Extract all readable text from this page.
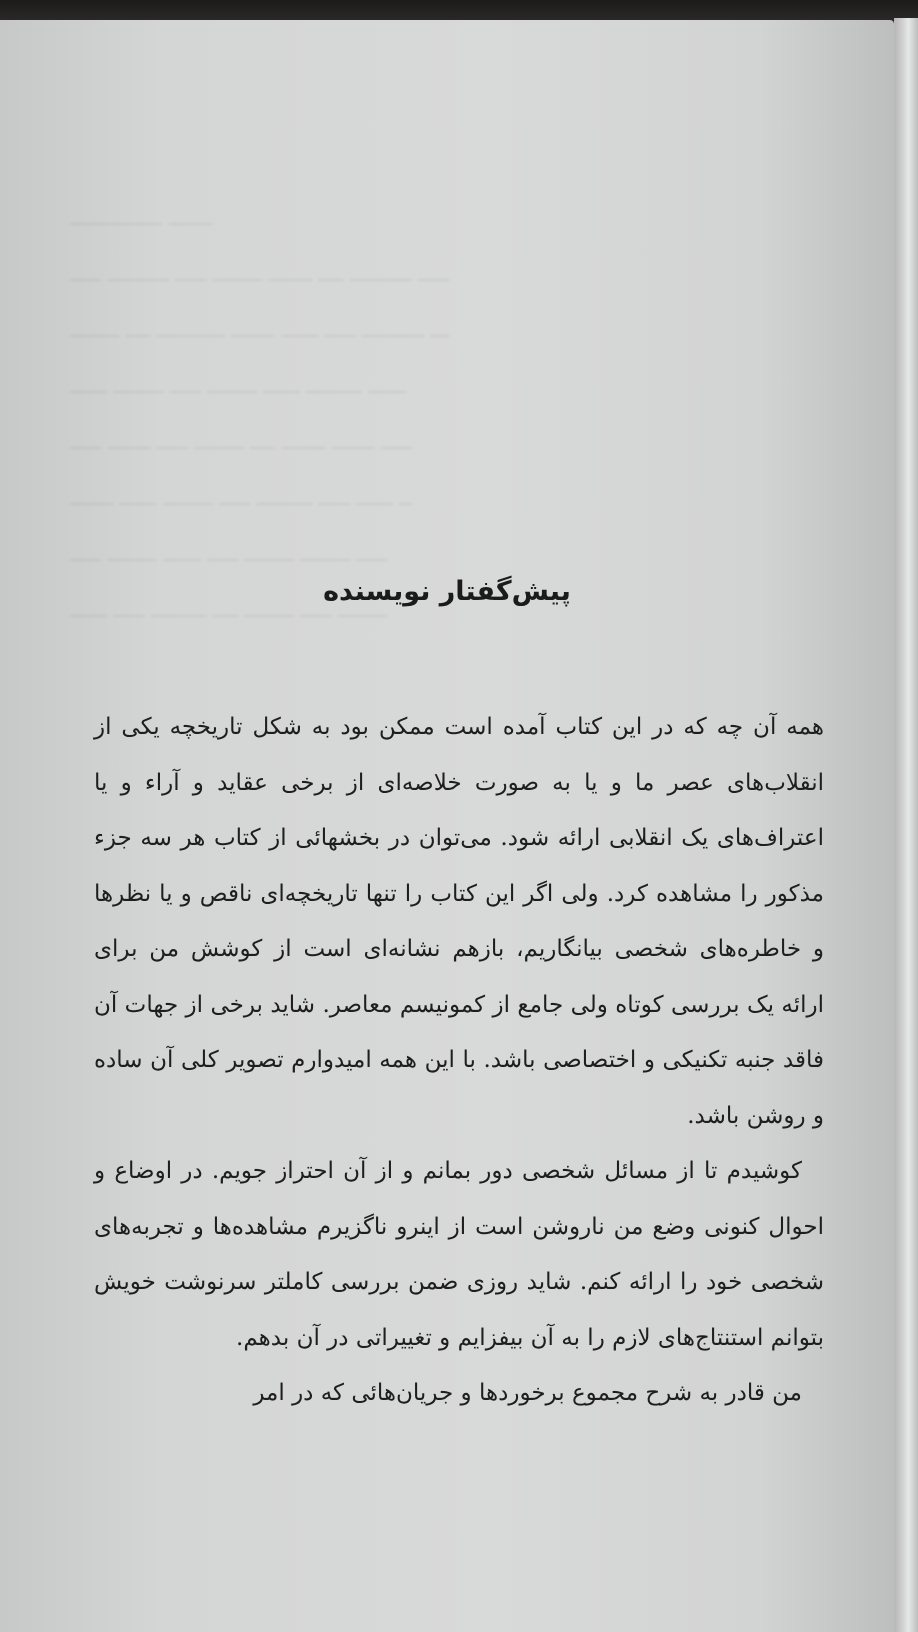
ـــــــــــــــ ـــــــ
ـــــ ــــــــــ ـــــ ــــــــ ـــــــ ــــ ــــــــــ ـــــ
ــــــــ ــــ ـــــــــــ ـــــــ ــــــ ـــــ ــــــــــ ـــ
ــــــ ــــــــ ـــــ ــــــــ ــــــ ـــــــــ ــــــ
ـــــ ـــــــ ـــــ ــــــــ ــــ ـــــــ ـــــــ ـــــ
ـــــــ ــــــ ــــــــ ـــــ ـــــــــ ـــــ ــــــ ــ
ـــــ ــــــــ ــــــ ـــــ ــــــــ ــــــــ ـــــ
ــــــ ـــــ ـــــــــ ــــ ــــــــ ـــــ ــــــــ
پیش‌گفتار نویسنده

همه آن چه که در این کتاب آمده است ممکن بود به شکل تاریخچه یکی از انقلاب‌های عصر ما و یا به صورت خلاصه‌ای از برخی عقاید و آراء و یا اعتراف‌های یک انقلابی ارائه شود. می‌توان در بخشهائی از کتاب هر سه جزء مذکور را مشاهده کرد. ولی اگر این کتاب را تنها تاریخچه‌ای ناقص و یا نظرها و خاطره‌های شخصی بیانگاریم، بازهم نشانه‌ای است از کوشش من برای ارائه یک بررسی کوتاه ولی جامع از کمونیسم معاصر. شاید برخی از جهات آن فاقد جنبه تکنیکی و اختصاصی باشد. با این همه امیدوارم تصویر کلی آن ساده و روشن باشد.

کوشیدم تا از مسائل شخصی دور بمانم و از آن احتراز جویم. در اوضاع و احوال کنونی وضع من ناروشن است از اینرو ناگزیرم مشاهده‌ها و تجربه‌های شخصی خود را ارائه کنم. شاید روزی ضمن بررسی کاملتر سرنوشت خویش بتوانم استنتاج‌های لازم را به آن بیفزایم و تغییراتی در آن بدهم.

من قادر به شرح مجموع برخوردها و جریان‌هائی که در امر
